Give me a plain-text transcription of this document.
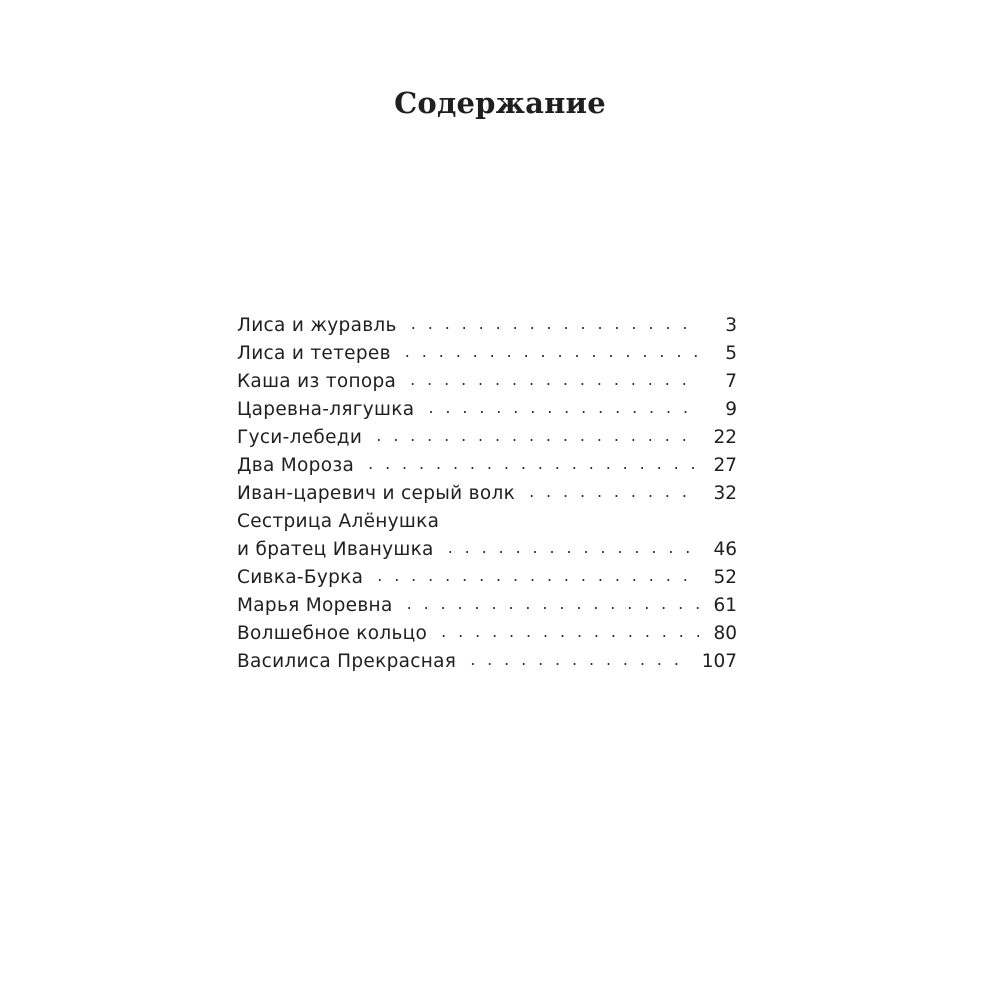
Содержание
Лиса и журавль . . .	3
Лиса и тетерев . . .	5
Каша из топора . . .	7
Царевна-лягушка . . .	9
Гуси-лебеди . . .	22
Два Мороза . . .	27
Иван-царевич и серый волк . . .	32
Сестрица Алёнушка
и братец Иванушка . . .	46
Сивка-Бурка . . .	52
Марья Моревна . . .	61
Волшебное кольцо . . .	80
Василиса Прекрасная . . .	107
